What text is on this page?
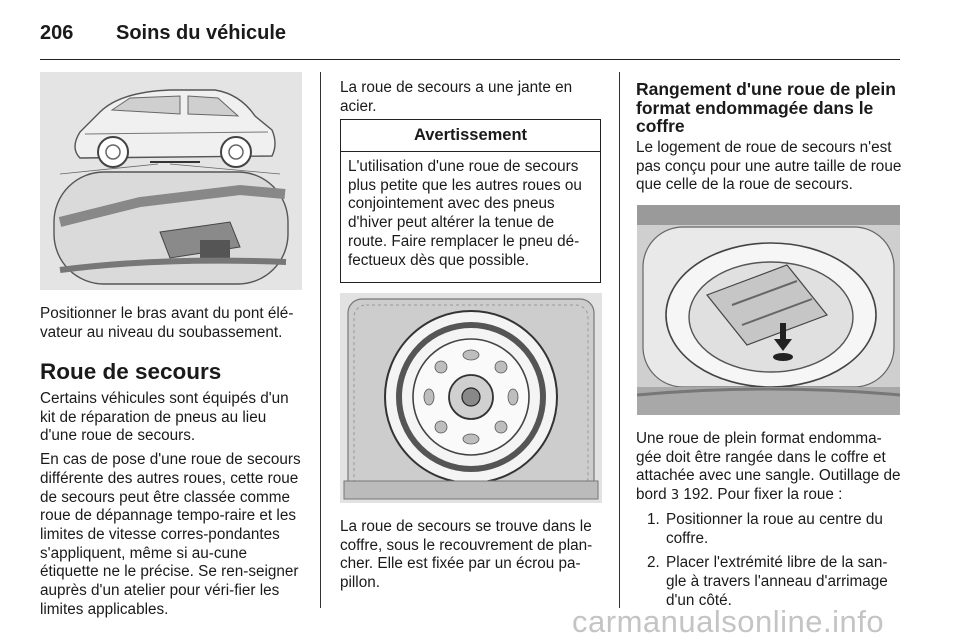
206	Soins du véhicule
Positionner le bras avant du pont élé-vateur au niveau du soubassement.
Roue de secours

Certains véhicules sont équipés d'un kit de réparation de pneus au lieu d'une roue de secours.

En cas de pose d'une roue de secours différente des autres roues, cette roue de secours peut être classée comme roue de dépannage tempo-raire et les limites de vitesse corres-pondantes s'appliquent, même si au-cune étiquette ne le précise. Se ren-seigner auprès d'un atelier pour véri-fier les limites applicables.

La roue de secours a une jante en acier.
Avertissement
L'utilisation d'une roue de secours plus petite que les autres roues ou conjointement avec des pneus d'hiver peut altérer la tenue de route. Faire remplacer le pneu dé-fectueux dès que possible.
La roue de secours se trouve dans le coffre, sous le recouvrement de plan-cher. Elle est fixée par un écrou pa-pillon.
Rangement d'une roue de plein format endommagée dans le coffre
Le logement de roue de secours n'est pas conçu pour une autre taille de roue que celle de la roue de secours.

Une roue de plein format endomma-gée doit être rangée dans le coffre et attachée avec une sangle. Outillage de bord 3 192. Pour fixer la roue :

1. Positionner la roue au centre du coffre.
2. Placer l'extrémité libre de la san-gle à travers l'anneau d'arrimage d'un côté.
carmanualsonline.info
